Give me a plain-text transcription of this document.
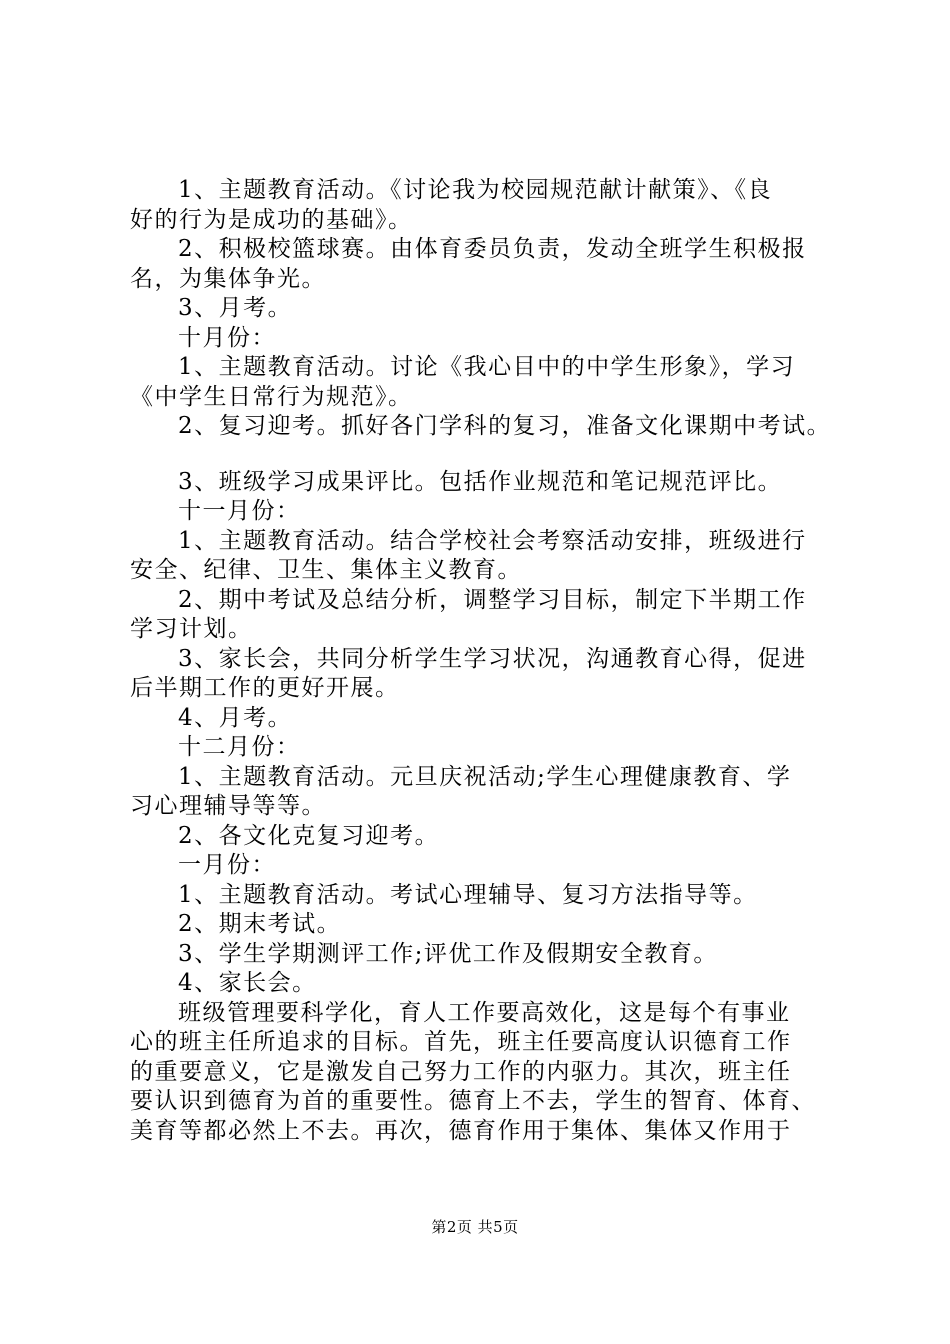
1、主题教育活动。《讨论我为校园规范献计献策》、《良
好的行为是成功的基础》。
2、积极校篮球赛。由体育委员负责，发动全班学生积极报
名，为集体争光。
3、月考。
十月份：
1、主题教育活动。讨论《我心目中的中学生形象》，学习
《中学生日常行为规范》。
2、复习迎考。抓好各门学科的复习，准备文化课期中考试。
3、班级学习成果评比。包括作业规范和笔记规范评比。
十一月份：
1、主题教育活动。结合学校社会考察活动安排，班级进行
安全、纪律、卫生、集体主义教育。
2、期中考试及总结分析，调整学习目标，制定下半期工作
学习计划。
3、家长会，共同分析学生学习状况，沟通教育心得，促进
后半期工作的更好开展。
4、月考。
十二月份：
1、主题教育活动。元旦庆祝活动;学生心理健康教育、学
习心理辅导等等。
2、各文化克复习迎考。
一月份：
1、主题教育活动。考试心理辅导、复习方法指导等。
2、期末考试。
3、学生学期测评工作;评优工作及假期安全教育。
4、家长会。
班级管理要科学化，育人工作要高效化，这是每个有事业
心的班主任所追求的目标。首先，班主任要高度认识德育工作
的重要意义，它是激发自己努力工作的内驱力。其次，班主任
要认识到德育为首的重要性。德育上不去，学生的智育、体育、
美育等都必然上不去。再次，德育作用于集体、集体又作用于
第2页 共5页
